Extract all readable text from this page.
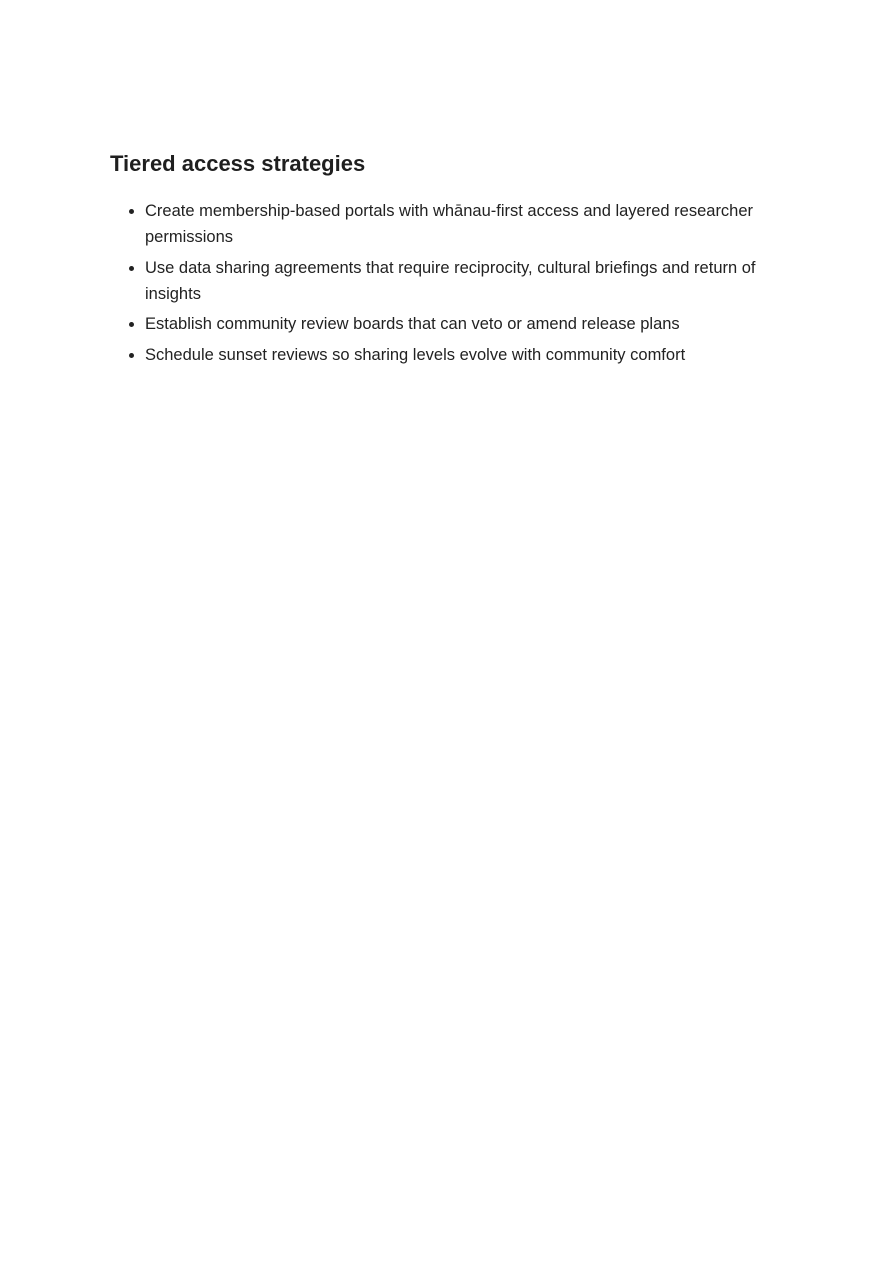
Tiered access strategies
Create membership-based portals with whānau-first access and layered researcher permissions
Use data sharing agreements that require reciprocity, cultural briefings and return of insights
Establish community review boards that can veto or amend release plans
Schedule sunset reviews so sharing levels evolve with community comfort
